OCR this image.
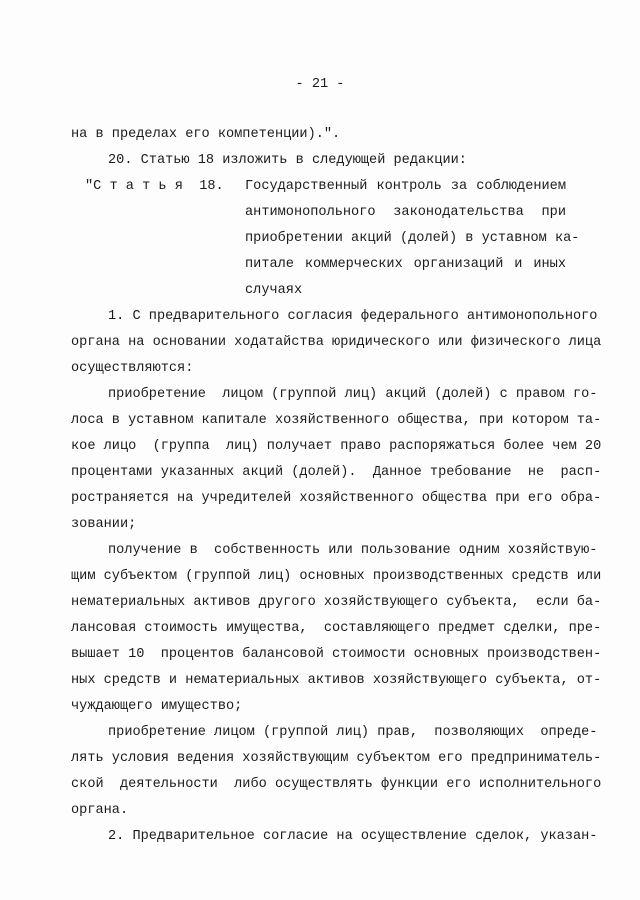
- 21 -
на в пределах его компетенции).".
20. Статью 18 изложить в следующей редакции:
"С т а т ь я  18. Государственный контроль за соблюдением
антимонопольного законодательства при
приобретении акций (долей) в уставном ка-
питале коммерческих организаций и иных
случаях
1. С предварительного согласия федерального антимонопольного
органа на основании ходатайства юридического или физического лица
осуществляются:
приобретение  лицом (группой лиц) акций (долей) с правом го-
лоса в уставном капитале хозяйственного общества, при котором та-
кое лицо  (группа  лиц) получает право распоряжаться более чем 20
процентами указанных акций (долей).  Данное требование  не  расп-
ространяется на учредителей хозяйственного общества при его обра-
зовании;
получение в  собственность или пользование одним хозяйствую-
щим субъектом (группой лиц) основных производственных средств или
нематериальных активов другого хозяйствующего субъекта,  если ба-
лансовая стоимость имущества,  составляющего предмет сделки, пре-
вышает 10  процентов балансовой стоимости основных производствен-
ных средств и нематериальных активов хозяйствующего субъекта, от-
чуждающего имущество;
приобретение лицом (группой лиц) прав,  позволяющих  опреде-
лять условия ведения хозяйствующим субъектом его предприниматель-
ской  деятельности  либо осуществлять функции его исполнительного
органа.
2. Предварительное согласие на осуществление сделок, указан-
